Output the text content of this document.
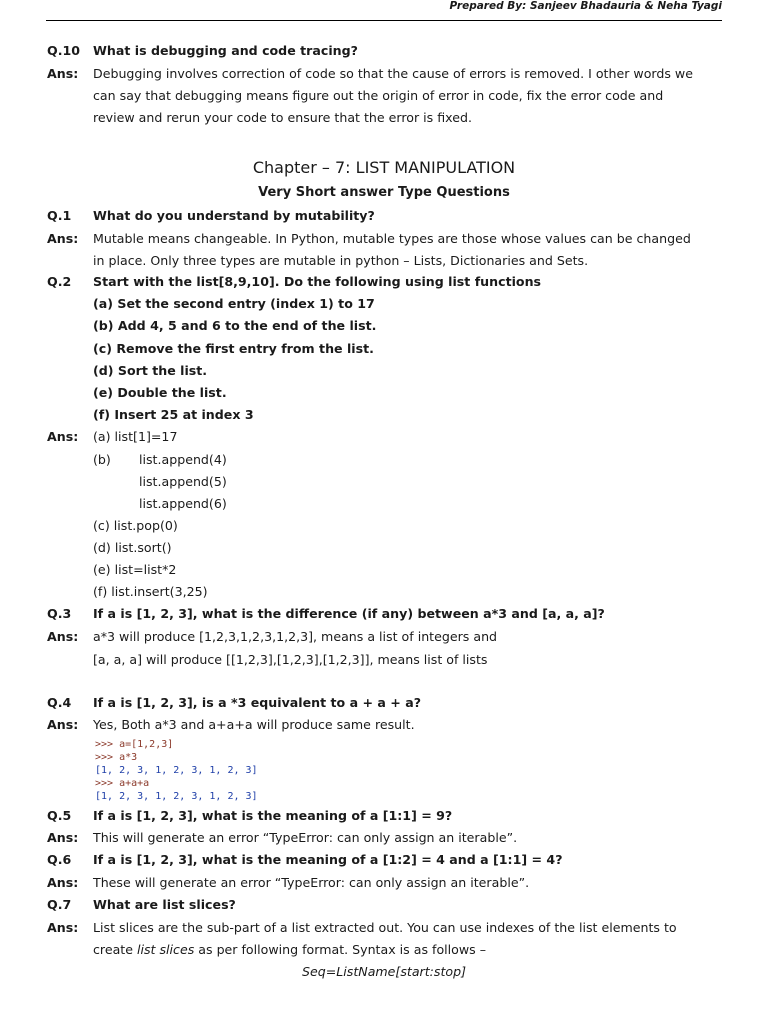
Prepared By: Sanjeev Bhadauria & Neha Tyagi
Q.10 What is debugging and code tracing?
Ans: Debugging involves correction of code so that the cause of errors is removed. I other words we
can say that debugging means figure out the origin of error in code, fix the error code and
review and rerun your code to ensure that the error is fixed.
Chapter – 7: LIST MANIPULATION
Very Short answer Type Questions
Q.1 What do you understand by mutability?
Ans: Mutable means changeable. In Python, mutable types are those whose values can be changed
in place. Only three types are mutable in python – Lists, Dictionaries and Sets.
Q.2 Start with the list[8,9,10]. Do the following using list functions
(a) Set the second entry (index 1) to 17
(b) Add 4, 5 and 6 to the end of the list.
(c) Remove the first entry from the list.
(d) Sort the list.
(e) Double the list.
(f) Insert 25 at index 3
Ans: (a) list[1]=17
(b) list.append(4)
list.append(5)
list.append(6)
(c) list.pop(0)
(d) list.sort()
(e) list=list*2
(f) list.insert(3,25)
Q.3 If a is [1, 2, 3], what is the difference (if any) between a*3 and [a, a, a]?
Ans: a*3 will produce [1,2,3,1,2,3,1,2,3], means a list of integers and
[a, a, a] will produce [[1,2,3],[1,2,3],[1,2,3]], means list of lists
Q.4 If a is [1, 2, 3], is a *3 equivalent to a + a + a?
Ans: Yes, Both a*3 and a+a+a will produce same result.
>>> a=[1,2,3]
>>> a*3
[1, 2, 3, 1, 2, 3, 1, 2, 3]
>>> a+a+a
[1, 2, 3, 1, 2, 3, 1, 2, 3]
Q.5 If a is [1, 2, 3], what is the meaning of a [1:1] = 9?
Ans: This will generate an error “TypeError: can only assign an iterable”.
Q.6 If a is [1, 2, 3], what is the meaning of a [1:2] = 4 and a [1:1] = 4?
Ans: These will generate an error “TypeError: can only assign an iterable”.
Q.7 What are list slices?
Ans: List slices are the sub-part of a list extracted out. You can use indexes of the list elements to
create list slices as per following format. Syntax is as follows –
Seq=ListName[start:stop]
